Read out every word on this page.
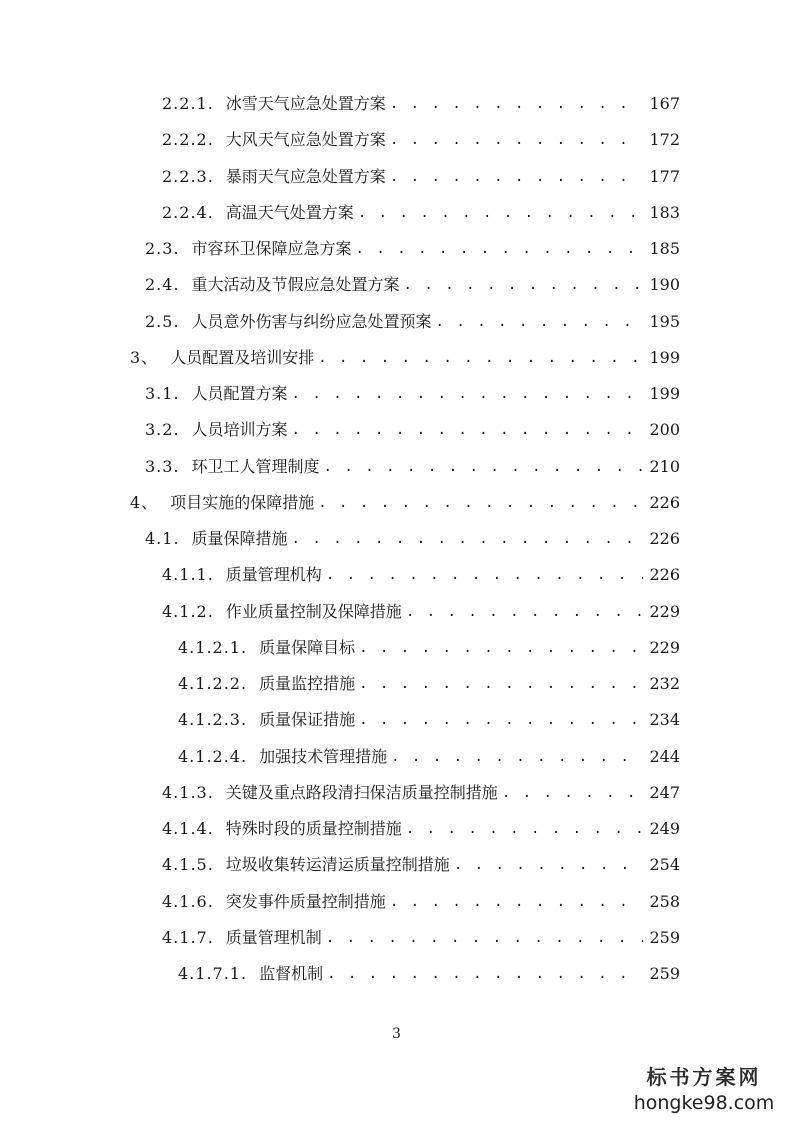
2.2.1. 冰雪天气应急处置方案 . . .	167
2.2.2. 大风天气应急处置方案 . . .	172
2.2.3. 暴雨天气应急处置方案 . . .	177
2.2.4. 高温天气处置方案 . . .	183
2.3. 市容环卫保障应急方案 . . .	185
2.4. 重大活动及节假应急处置方案 . . .	190
2.5. 人员意外伤害与纠纷应急处置预案 . . .	195
3、 人员配置及培训安排 . . .	199
3.1. 人员配置方案 . . .	199
3.2. 人员培训方案 . . .	200
3.3. 环卫工人管理制度 . . .	210
4、 项目实施的保障措施 . . .	226
4.1. 质量保障措施 . . .	226
4.1.1. 质量管理机构 . . .	226
4.1.2. 作业质量控制及保障措施 . . .	229
4.1.2.1. 质量保障目标 . . .	229
4.1.2.2. 质量监控措施 . . .	232
4.1.2.3. 质量保证措施 . . .	234
4.1.2.4. 加强技术管理措施 . . .	244
4.1.3. 关键及重点路段清扫保洁质量控制措施 . . .	247
4.1.4. 特殊时段的质量控制措施 . . .	249
4.1.5. 垃圾收集转运清运质量控制措施 . . .	254
4.1.6. 突发事件质量控制措施 . . .	258
4.1.7. 质量管理机制 . . .	259
4.1.7.1. 监督机制 . . .	259
3
标书方案网
hongke98.com
